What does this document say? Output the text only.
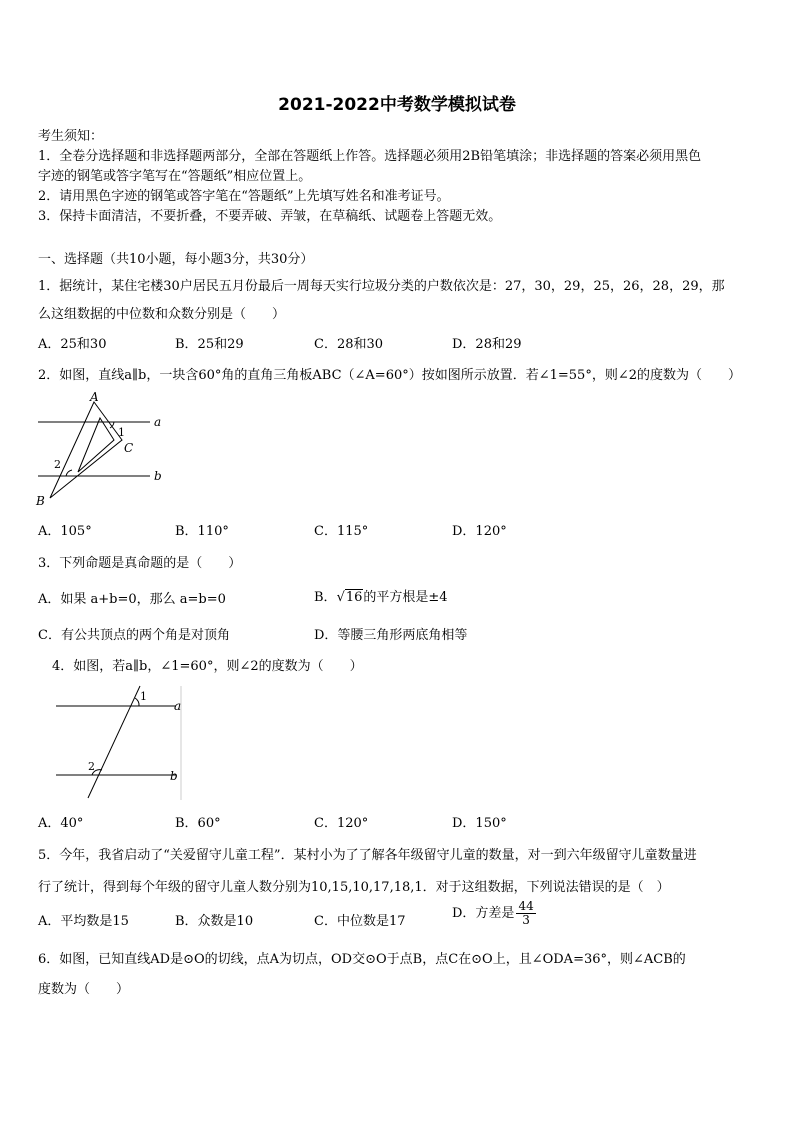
2021-2022中考数学模拟试卷
考生须知：
1．全卷分选择题和非选择题两部分，全部在答题纸上作答。选择题必须用2B铅笔填涂；非选择题的答案必须用黑色
字迹的钢笔或答字笔写在“答题纸”相应位置上。
2．请用黑色字迹的钢笔或答字笔在“答题纸”上先填写姓名和准考证号。
3．保持卡面清洁，不要折叠，不要弄破、弄皱，在草稿纸、试题卷上答题无效。
一、选择题（共10小题，每小题3分，共30分）
1．据统计，某住宅楼30户居民五月份最后一周每天实行垃圾分类的户数依次是：27，30，29，25，26，28，29，那
么这组数据的中位数和众数分别是（　　）
A．25和30	B．25和29	C．28和30	D．28和29
2．如图，直线a∥b，一块含60°角的直角三角板ABC（∠A=60°）按如图所示放置．若∠1=55°，则∠2的度数为（　　）
A
B
C
a
b
1
2
A．105°	B．110°	C．115°	D．120°
3．下列命题是真命题的是（　　）
A．如果 a+b=0，那么 a=b=0	B．√16的平方根是±4
C．有公共顶点的两个角是对顶角	D．等腰三角形两底角相等
4．如图，若a∥b，∠1=60°，则∠2的度数为（　　）
a
b
1
2
A．40°	B．60°	C．120°	D．150°
5．今年，我省启动了“关爱留守儿童工程”．某村小为了了解各年级留守儿童的数量，对一到六年级留守儿童数量进
行了统计，得到每个年级的留守儿童人数分别为10,15,10,17,18,1．对于这组数据，下列说法错误的是（　）
A．平均数是15	B．众数是10	C．中位数是17
D．方差是 $\frac{44}{3}$
6．如图，已知直线AD是⊙O的切线，点A为切点，OD交⊙O于点B，点C在⊙O上，且∠ODA=36°，则∠ACB的
度数为（　　）
